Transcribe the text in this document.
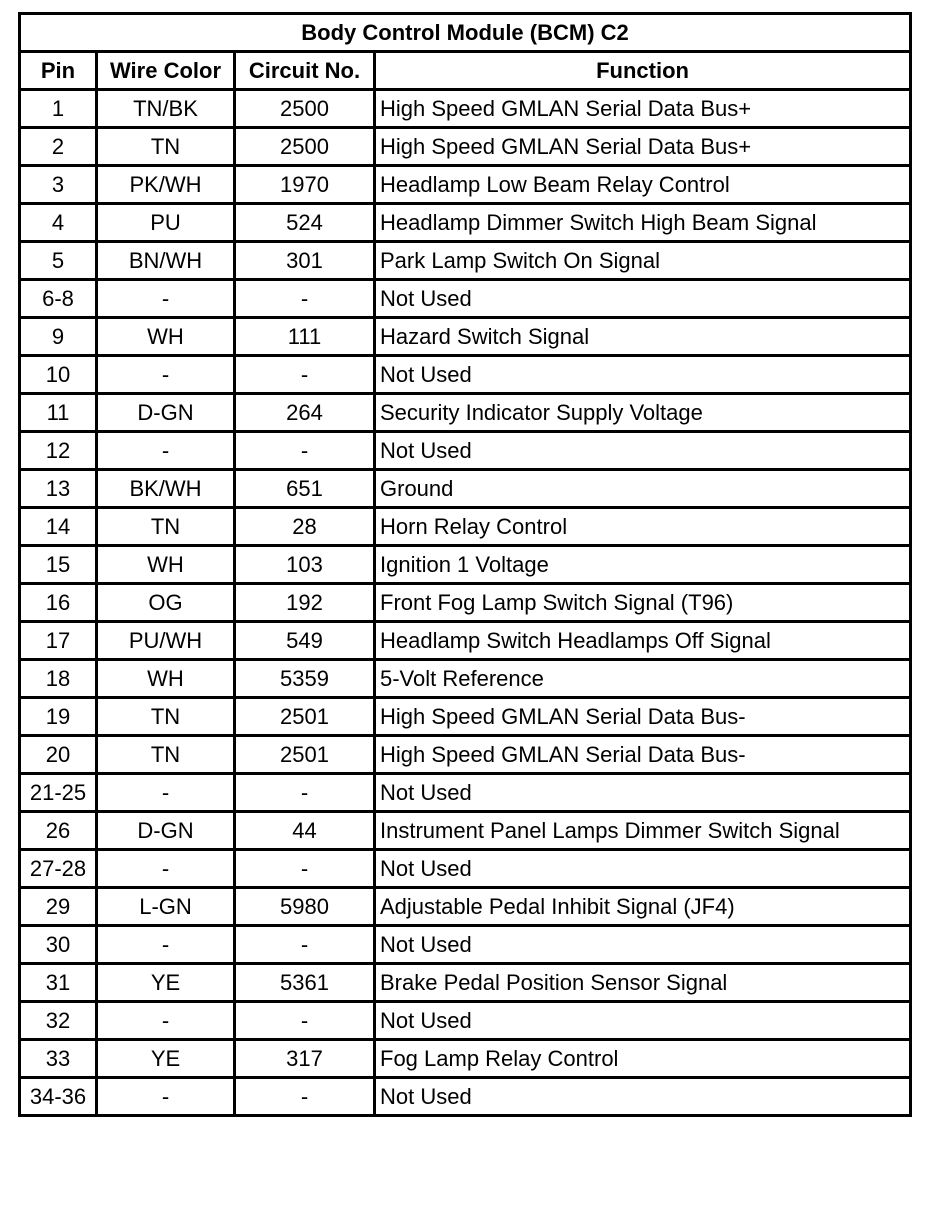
Body Control Module (BCM) C2			
Pin	Wire Color	Circuit No.	Function
1	TN/BK	2500	High Speed GMLAN Serial Data Bus+
2	TN	2500	High Speed GMLAN Serial Data Bus+
3	PK/WH	1970	Headlamp Low Beam Relay Control
4	PU	524	Headlamp Dimmer Switch High Beam Signal
5	BN/WH	301	Park Lamp Switch On Signal
6-8	-	-	Not Used
9	WH	111	Hazard Switch Signal
10	-	-	Not Used
11	D-GN	264	Security Indicator Supply Voltage
12	-	-	Not Used
13	BK/WH	651	Ground
14	TN	28	Horn Relay Control
15	WH	103	Ignition 1 Voltage
16	OG	192	Front Fog Lamp Switch Signal (T96)
17	PU/WH	549	Headlamp Switch Headlamps Off Signal
18	WH	5359	5-Volt Reference
19	TN	2501	High Speed GMLAN Serial Data Bus-
20	TN	2501	High Speed GMLAN Serial Data Bus-
21-25	-	-	Not Used
26	D-GN	44	Instrument Panel Lamps Dimmer Switch Signal
27-28	-	-	Not Used
29	L-GN	5980	Adjustable Pedal Inhibit Signal (JF4)
30	-	-	Not Used
31	YE	5361	Brake Pedal Position Sensor Signal
32	-	-	Not Used
33	YE	317	Fog Lamp Relay Control
34-36	-	-	Not Used
